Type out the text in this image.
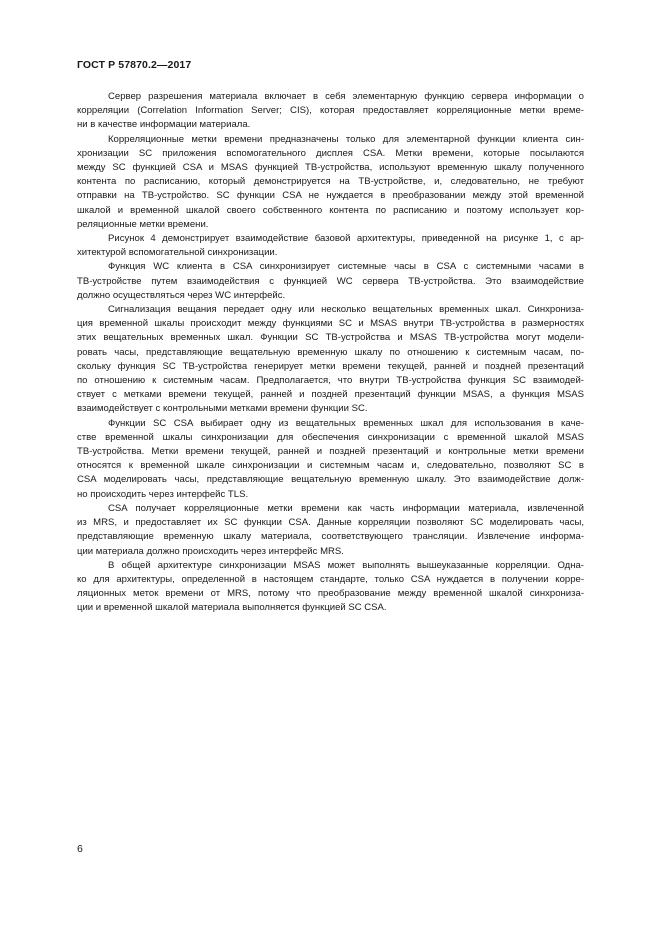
ГОСТ Р 57870.2—2017

Сервер разрешения материала включает в себя элементарную функцию сервера информации о
корреляции (Correlation Information Server; CIS), которая предоставляет корреляционные метки време-
ни в качестве информации материала.

Корреляционные метки времени предназначены только для элементарной функции клиента син-
хронизации SC приложения вспомогательного дисплея CSA. Метки времени, которые посылаются
между SC функцией CSA и MSAS функцией ТВ-устройства, используют временную шкалу полученного
контента по расписанию, который демонстрируется на ТВ-устройстве, и, следовательно, не требуют
отправки на ТВ-устройство. SC функции CSA не нуждается в преобразовании между этой временной
шкалой и временной шкалой своего собственного контента по расписанию и поэтому использует кор-
реляционные метки времени.

Рисунок 4 демонстрирует взаимодействие базовой архитектуры, приведенной на рисунке 1, с ар-
хитектурой вспомогательной синхронизации.

Функция WC клиента в CSA синхронизирует системные часы в CSA с системными часами в
ТВ-устройстве путем взаимодействия с функцией WC сервера ТВ-устройства. Это взаимодействие
должно осуществляться через WC интерфейс.

Сигнализация вещания передает одну или несколько вещательных временных шкал. Синхрониза-
ция временной шкалы происходит между функциями SC и MSAS внутри ТВ-устройства в размерностях
этих вещательных временных шкал. Функции SC ТВ-устройства и MSAS ТВ-устройства могут модели-
ровать часы, представляющие вещательную временную шкалу по отношению к системным часам, по-
скольку функция SC ТВ-устройства генерирует метки времени текущей, ранней и поздней презентаций
по отношению к системным часам. Предполагается, что внутри ТВ-устройства функция SC взаимодей-
ствует с метками времени текущей, ранней и поздней презентаций функции MSAS, а функция MSAS
взаимодействует с контрольными метками времени функции SC.

Функции SC CSA выбирает одну из вещательных временных шкал для использования в каче-
стве временной шкалы синхронизации для обеспечения синхронизации с временной шкалой MSAS
ТВ-устройства. Метки времени текущей, ранней и поздней презентаций и контрольные метки времени
относятся к временной шкале синхронизации и системным часам и, следовательно, позволяют SC в
CSA моделировать часы, представляющие вещательную временную шкалу. Это взаимодействие долж-
но происходить через интерфейс TLS.

CSA получает корреляционные метки времени как часть информации материала, извлеченной
из MRS, и предоставляет их SC функции CSA. Данные корреляции позволяют SC моделировать часы,
представляющие временную шкалу материала, соответствующего трансляции. Извлечение информа-
ции материала должно происходить через интерфейс MRS.

В общей архитектуре синхронизации MSAS может выполнять вышеуказанные корреляции. Одна-
ко для архитектуры, определенной в настоящем стандарте, только CSA нуждается в получении корре-
ляционных меток времени от MRS, потому что преобразование между временной шкалой синхрониза-
ции и временной шкалой материала выполняется функцией SC CSA.

6
